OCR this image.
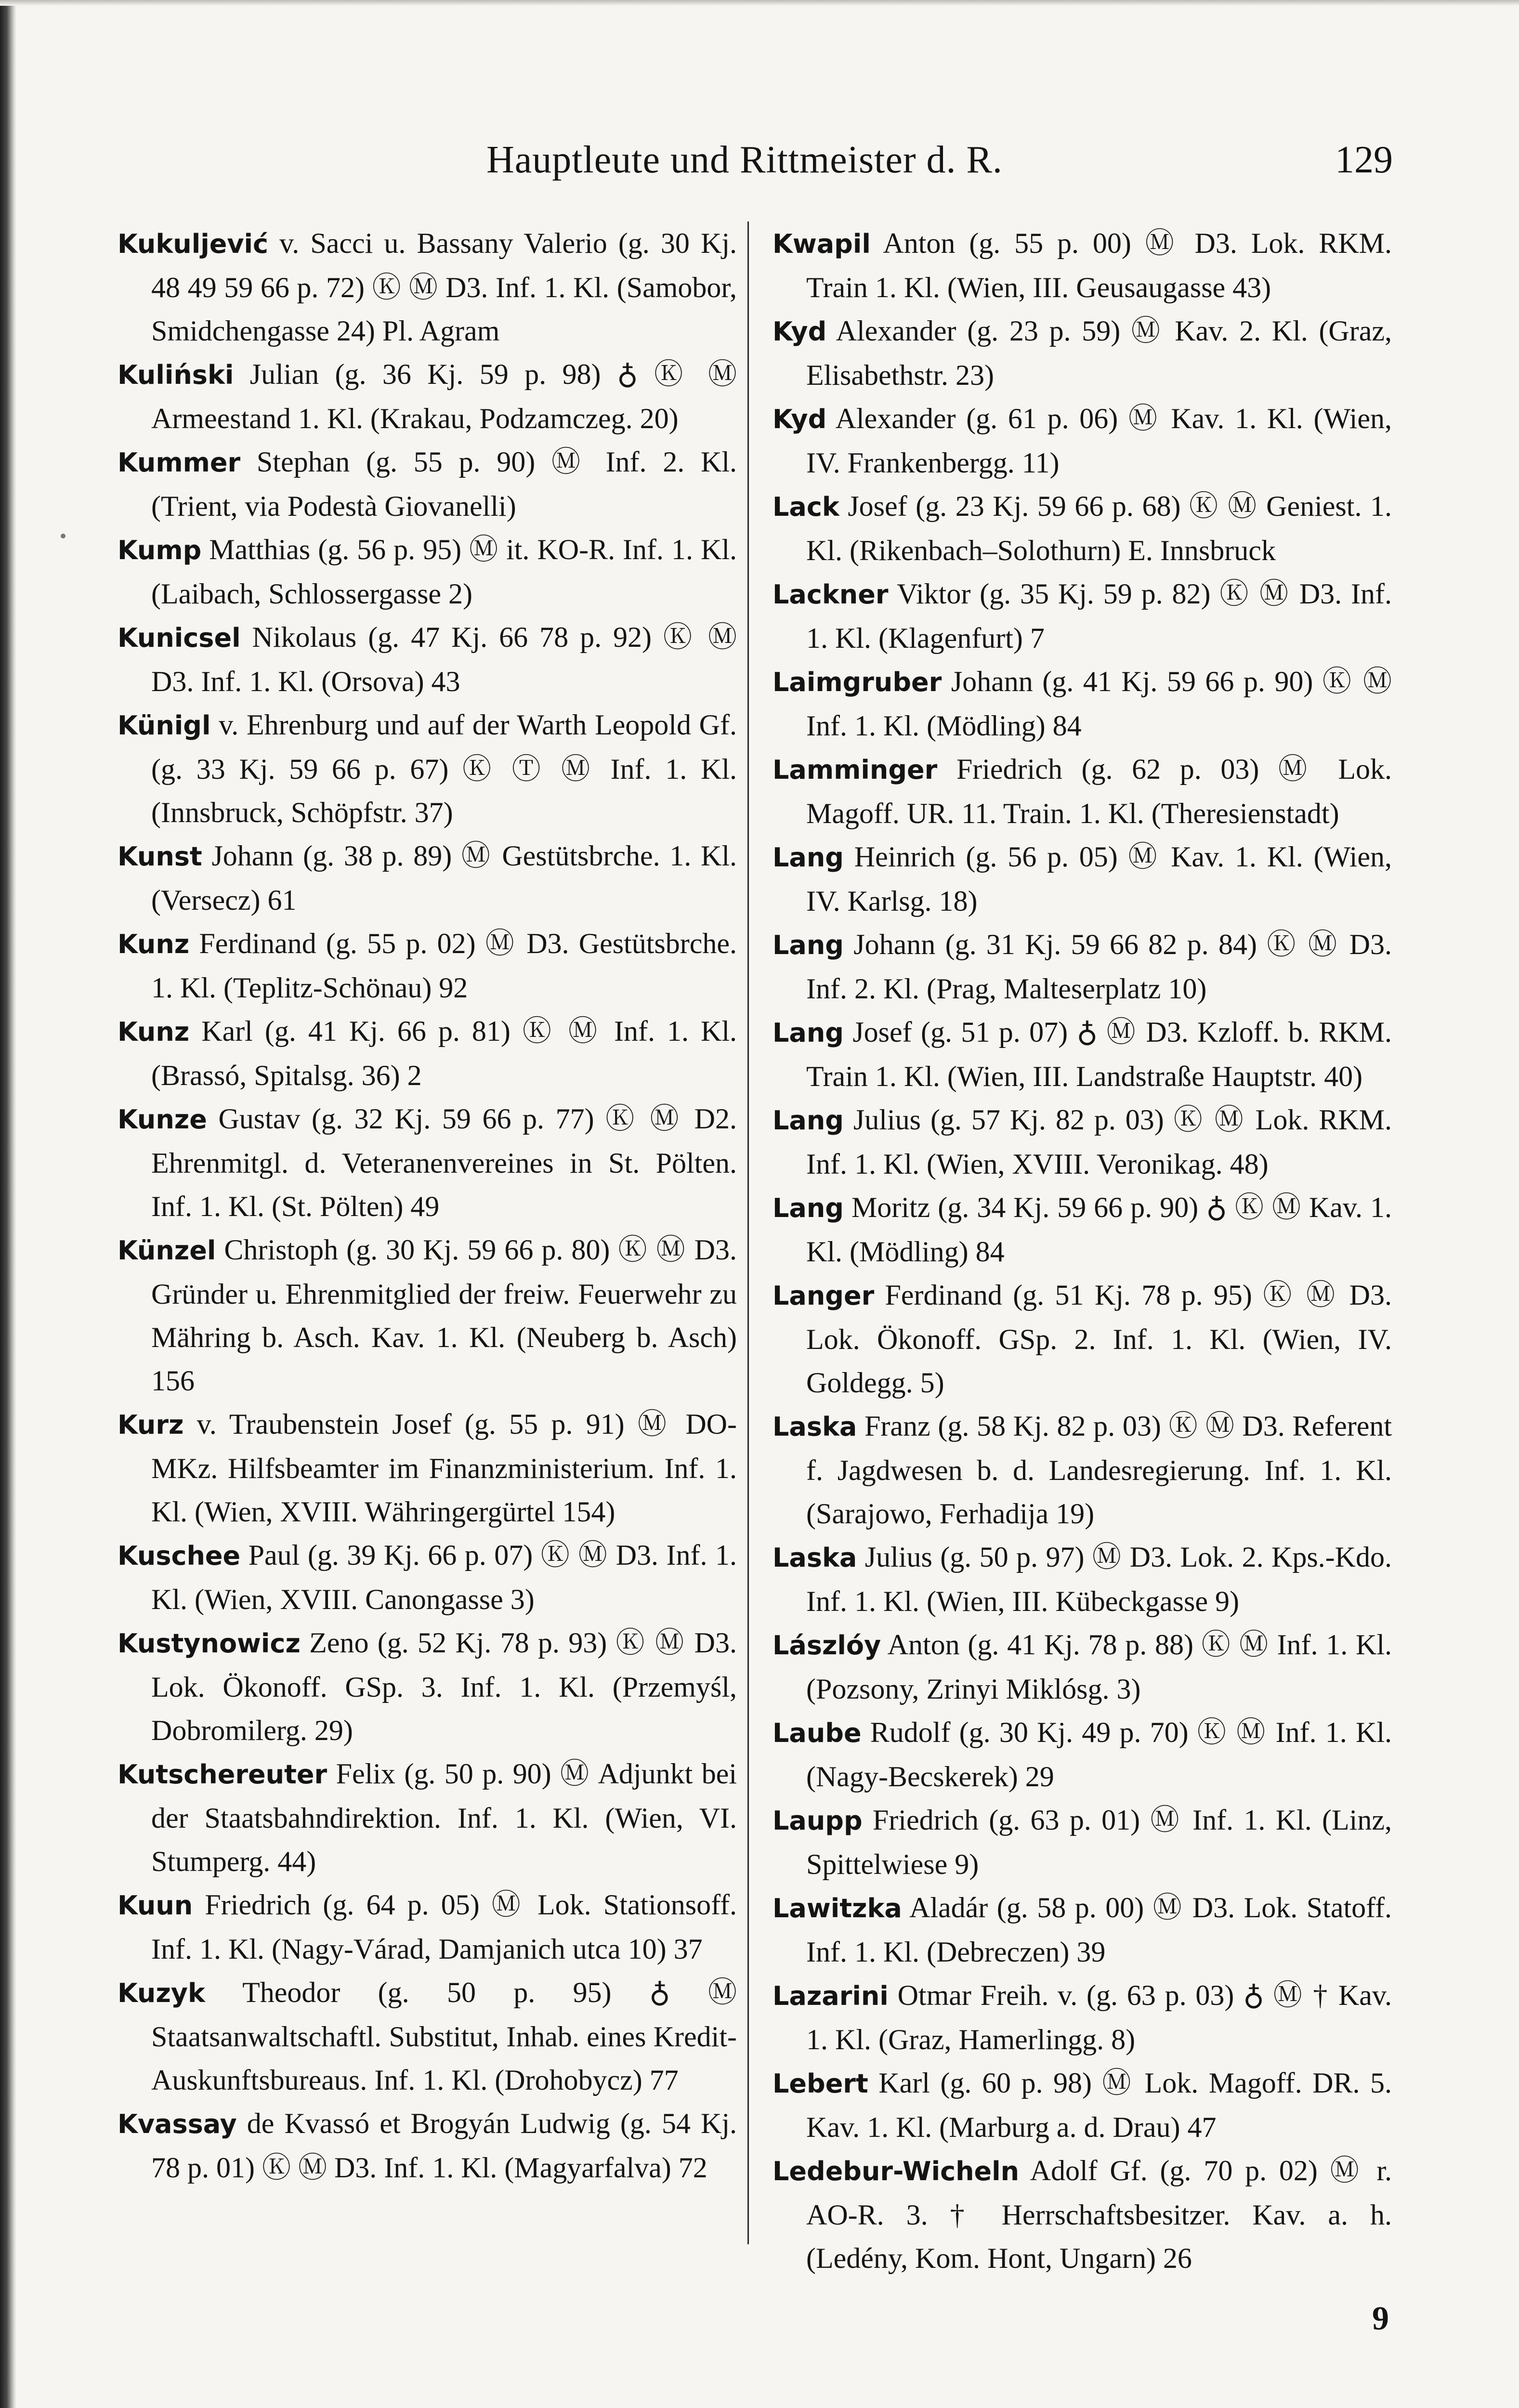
Hauptleute und Rittmeister d. R.	129
Kukuljević v. Sacci u. Bassany Valerio (g. 30 Kj. 48 49 59 66 p. 72) Ⓚ Ⓜ D3. Inf. 1. Kl. (Samobor, Smidchengasse 24) Pl. Agram
Kuliński Julian (g. 36 Kj. 59 p. 98) ♁ Ⓚ Ⓜ Armeestand 1. Kl. (Krakau, Podzamczeg. 20)
Kummer Stephan (g. 55 p. 90) Ⓜ Inf. 2. Kl. (Trient, via Podestà Giovanelli)
Kump Matthias (g. 56 p. 95) Ⓜ it. KO-R. Inf. 1. Kl. (Laibach, Schlossergasse 2)
Kunicsel Nikolaus (g. 47 Kj. 66 78 p. 92) Ⓚ Ⓜ D3. Inf. 1. Kl. (Orsova) 43
Künigl v. Ehrenburg und auf der Warth Leopold Gf. (g. 33 Kj. 59 66 p. 67) Ⓚ Ⓣ Ⓜ Inf. 1. Kl. (Innsbruck, Schöpfstr. 37)
Kunst Johann (g. 38 p. 89) Ⓜ Gestütsbrche. 1. Kl. (Versecz) 61
Kunz Ferdinand (g. 55 p. 02) Ⓜ D3. Gestütsbrche. 1. Kl. (Teplitz-Schönau) 92
Kunz Karl (g. 41 Kj. 66 p. 81) Ⓚ Ⓜ Inf. 1. Kl. (Brassó, Spitalsg. 36) 2
Kunze Gustav (g. 32 Kj. 59 66 p. 77) Ⓚ Ⓜ D2. Ehrenmitgl. d. Veteranenvereines in St. Pölten. Inf. 1. Kl. (St. Pölten) 49
Künzel Christoph (g. 30 Kj. 59 66 p. 80) Ⓚ Ⓜ D3. Gründer u. Ehrenmitglied der freiw. Feuerwehr zu Mähring b. Asch. Kav. 1. Kl. (Neuberg b. Asch) 156
Kurz v. Traubenstein Josef (g. 55 p. 91) Ⓜ DO-MKz. Hilfsbeamter im Finanzministerium. Inf. 1. Kl. (Wien, XVIII. Währingergürtel 154)
Kuschee Paul (g. 39 Kj. 66 p. 07) Ⓚ Ⓜ D3. Inf. 1. Kl. (Wien, XVIII. Canongasse 3)
Kustynowicz Zeno (g. 52 Kj. 78 p. 93) Ⓚ Ⓜ D3. Lok. Ökonoff. GSp. 3. Inf. 1. Kl. (Przemyśl, Dobromilerg. 29)
Kutschereuter Felix (g. 50 p. 90) Ⓜ Adjunkt bei der Staatsbahndirektion. Inf. 1. Kl. (Wien, VI. Stumperg. 44)
Kuun Friedrich (g. 64 p. 05) Ⓜ Lok. Stationsoff. Inf. 1. Kl. (Nagy-Várad, Damjanich utca 10) 37
Kuzyk Theodor (g. 50 p. 95) ♁ Ⓜ Staatsanwaltschaftl. Substitut, Inhab. eines Kredit-Auskunftsbureaus. Inf. 1. Kl. (Drohobycz) 77
Kvassay de Kvassó et Brogyán Ludwig (g. 54 Kj. 78 p. 01) Ⓚ Ⓜ D3. Inf. 1. Kl. (Magyarfalva) 72
Kwapil Anton (g. 55 p. 00) Ⓜ D3. Lok. RKM. Train 1. Kl. (Wien, III. Geusaugasse 43)
Kyd Alexander (g. 23 p. 59) Ⓜ Kav. 2. Kl. (Graz, Elisabethstr. 23)
Kyd Alexander (g. 61 p. 06) Ⓜ Kav. 1. Kl. (Wien, IV. Frankenbergg. 11)
Lack Josef (g. 23 Kj. 59 66 p. 68) Ⓚ Ⓜ Geniest. 1. Kl. (Rikenbach–Solothurn) E. Innsbruck
Lackner Viktor (g. 35 Kj. 59 p. 82) Ⓚ Ⓜ D3. Inf. 1. Kl. (Klagenfurt) 7
Laimgruber Johann (g. 41 Kj. 59 66 p. 90) Ⓚ Ⓜ Inf. 1. Kl. (Mödling) 84
Lamminger Friedrich (g. 62 p. 03) Ⓜ Lok. Magoff. UR. 11. Train. 1. Kl. (Theresienstadt)
Lang Heinrich (g. 56 p. 05) Ⓜ Kav. 1. Kl. (Wien, IV. Karlsg. 18)
Lang Johann (g. 31 Kj. 59 66 82 p. 84) Ⓚ Ⓜ D3. Inf. 2. Kl. (Prag, Malteserplatz 10)
Lang Josef (g. 51 p. 07) ♁ Ⓜ D3. Kzloff. b. RKM. Train 1. Kl. (Wien, III. Landstraße Hauptstr. 40)
Lang Julius (g. 57 Kj. 82 p. 03) Ⓚ Ⓜ Lok. RKM. Inf. 1. Kl. (Wien, XVIII. Veronikag. 48)
Lang Moritz (g. 34 Kj. 59 66 p. 90) ♁ Ⓚ Ⓜ Kav. 1. Kl. (Mödling) 84
Langer Ferdinand (g. 51 Kj. 78 p. 95) Ⓚ Ⓜ D3. Lok. Ökonoff. GSp. 2. Inf. 1. Kl. (Wien, IV. Goldegg. 5)
Laska Franz (g. 58 Kj. 82 p. 03) Ⓚ Ⓜ D3. Referent f. Jagdwesen b. d. Landesregierung. Inf. 1. Kl. (Sarajowo, Ferhadija 19)
Laska Julius (g. 50 p. 97) Ⓜ D3. Lok. 2. Kps.-Kdo. Inf. 1. Kl. (Wien, III. Kübeckgasse 9)
Lászlóy Anton (g. 41 Kj. 78 p. 88) Ⓚ Ⓜ Inf. 1. Kl. (Pozsony, Zrinyi Miklósg. 3)
Laube Rudolf (g. 30 Kj. 49 p. 70) Ⓚ Ⓜ Inf. 1. Kl. (Nagy-Becskerek) 29
Laupp Friedrich (g. 63 p. 01) Ⓜ Inf. 1. Kl. (Linz, Spittelwiese 9)
Lawitzka Aladár (g. 58 p. 00) Ⓜ D3. Lok. Statoff. Inf. 1. Kl. (Debreczen) 39
Lazarini Otmar Freih. v. (g. 63 p. 03) ♁ Ⓜ † Kav. 1. Kl. (Graz, Hamerlingg. 8)
Lebert Karl (g. 60 p. 98) Ⓜ Lok. Magoff. DR. 5. Kav. 1. Kl. (Marburg a. d. Drau) 47
Ledebur-Wicheln Adolf Gf. (g. 70 p. 02) Ⓜ r. AO-R. 3. † Herrschaftsbesitzer. Kav. a. h. (Ledény, Kom. Hont, Ungarn) 26
9
